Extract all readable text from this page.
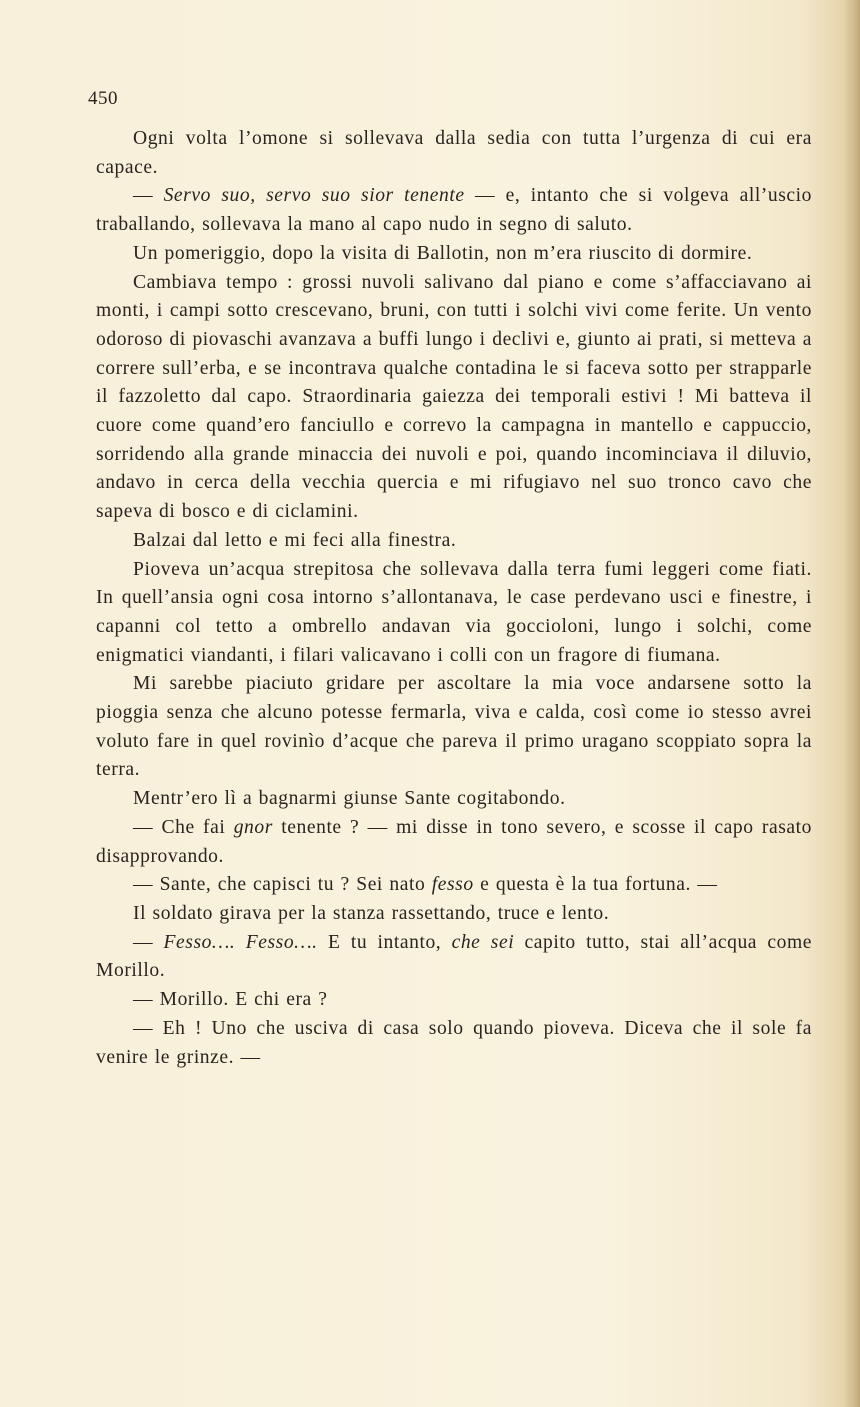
450

Ogni volta l’omone si sollevava dalla sedia con tutta l’urgenza di cui era capace.

— Servo suo, servo suo sior tenente — e, intanto che si volgeva all’uscio traballando, sollevava la mano al capo nudo in segno di saluto.

Un pomeriggio, dopo la visita di Ballotin, non m’era riuscito di dormire.

Cambiava tempo : grossi nuvoli salivano dal piano e come s’affacciavano ai monti, i campi sotto crescevano, bruni, con tutti i solchi vivi come ferite. Un vento odoroso di piovaschi avanzava a buffi lungo i declivi e, giunto ai prati, si metteva a correre sull’erba, e se incontrava qualche contadina le si faceva sotto per strapparle il fazzoletto dal capo. Straordinaria gaiezza dei temporali estivi ! Mi batteva il cuore come quand’ero fanciullo e correvo la campagna in mantello e cappuccio, sorridendo alla grande minaccia dei nuvoli e poi, quando incominciava il diluvio, andavo in cerca della vecchia quercia e mi rifugiavo nel suo tronco cavo che sapeva di bosco e di ciclamini.

Balzai dal letto e mi feci alla finestra.

Pioveva un’acqua strepitosa che sollevava dalla terra fumi leggeri come fiati. In quell’ansia ogni cosa intorno s’allontanava, le case perdevano usci e finestre, i capanni col tetto a ombrello andavan via goccioloni, lungo i solchi, come enigmatici viandanti, i filari valicavano i colli con un fragore di fiumana.

Mi sarebbe piaciuto gridare per ascoltare la mia voce andarsene sotto la pioggia senza che alcuno potesse fermarla, viva e calda, così come io stesso avrei voluto fare in quel rovinìo d’acque che pareva il primo uragano scoppiato sopra la terra.

Mentr’ero lì a bagnarmi giunse Sante cogitabondo.

— Che fai gnor tenente ? — mi disse in tono severo, e scosse il capo rasato disapprovando.

— Sante, che capisci tu ? Sei nato fesso e questa è la tua fortuna. —

Il soldato girava per la stanza rassettando, truce e lento.

— Fesso…. Fesso…. E tu intanto, che sei capito tutto, stai all’acqua come Morillo.

— Morillo. E chi era ?

— Eh ! Uno che usciva di casa solo quando pioveva. Diceva che il sole fa venire le grinze. —
